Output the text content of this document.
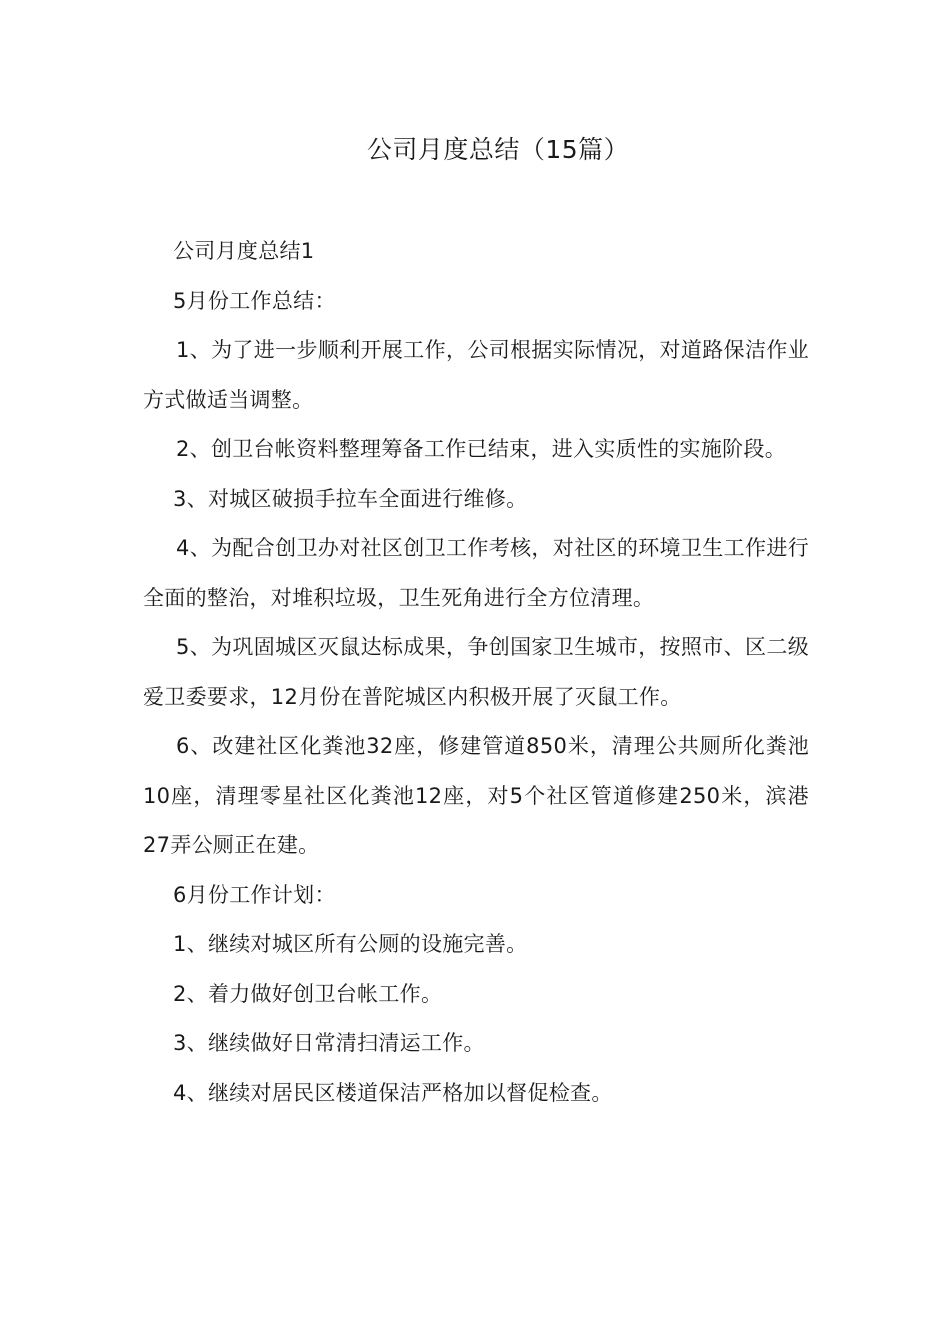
公司月度总结（15篇）

公司月度总结1

5月份工作总结：

1、为了进一步顺利开展工作，公司根据实际情况，对道路保洁作业方式做适当调整。

2、创卫台帐资料整理筹备工作已结束，进入实质性的实施阶段。

3、对城区破损手拉车全面进行维修。

4、为配合创卫办对社区创卫工作考核，对社区的环境卫生工作进行全面的整治，对堆积垃圾，卫生死角进行全方位清理。

5、为巩固城区灭鼠达标成果，争创国家卫生城市，按照市、区二级爱卫委要求，12月份在普陀城区内积极开展了灭鼠工作。

6、改建社区化粪池32座，修建管道850米，清理公共厕所化粪池10座，清理零星社区化粪池12座，对5个社区管道修建250米，滨港27弄公厕正在建。

6月份工作计划：

1、继续对城区所有公厕的设施完善。

2、着力做好创卫台帐工作。

3、继续做好日常清扫清运工作。

4、继续对居民区楼道保洁严格加以督促检查。
